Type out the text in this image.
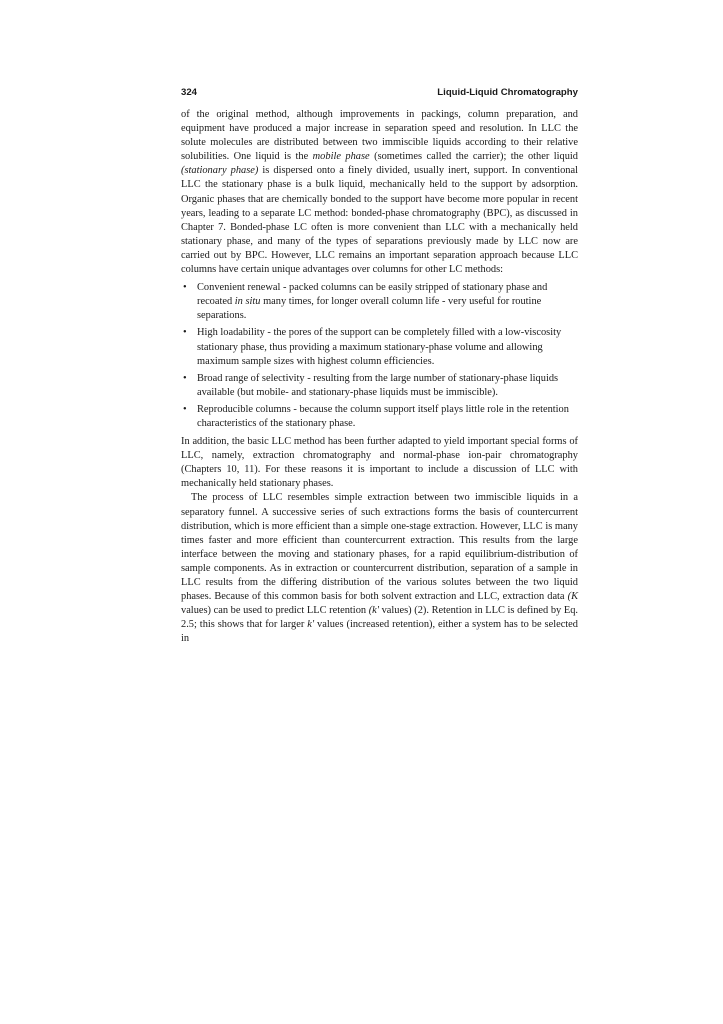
324	Liquid-Liquid Chromatography

of the original method, although improvements in packings, column preparation, and equipment have produced a major increase in separation speed and resolution. In LLC the solute molecules are distributed between two immiscible liquids according to their relative solubilities. One liquid is the mobile phase (sometimes called the carrier); the other liquid (stationary phase) is dispersed onto a finely divided, usually inert, support. In conventional LLC the stationary phase is a bulk liquid, mechanically held to the support by adsorption. Organic phases that are chemically bonded to the support have become more popular in recent years, leading to a separate LC method: bonded-phase chromatography (BPC), as discussed in Chapter 7. Bonded-phase LC often is more convenient than LLC with a mechanically held stationary phase, and many of the types of separations previously made by LLC now are carried out by BPC. However, LLC remains an important separation approach because LLC columns have certain unique advantages over columns for other LC methods:

• Convenient renewal - packed columns can be easily stripped of stationary phase and recoated in situ many times, for longer overall column life - very useful for routine separations.
• High loadability - the pores of the support can be completely filled with a low-viscosity stationary phase, thus providing a maximum stationary-phase volume and allowing maximum sample sizes with highest column efficiencies.
• Broad range of selectivity - resulting from the large number of stationary-phase liquids available (but mobile- and stationary-phase liquids must be immiscible).
• Reproducible columns - because the column support itself plays little role in the retention characteristics of the stationary phase.

In addition, the basic LLC method has been further adapted to yield important special forms of LLC, namely, extraction chromatography and normal-phase ion-pair chromatography (Chapters 10, 11). For these reasons it is important to include a discussion of LLC with mechanically held stationary phases.

The process of LLC resembles simple extraction between two immiscible liquids in a separatory funnel. A successive series of such extractions forms the basis of countercurrent distribution, which is more efficient than a simple one-stage extraction. However, LLC is many times faster and more efficient than countercurrent extraction. This results from the large interface between the moving and stationary phases, for a rapid equilibrium-distribution of sample components. As in extraction or countercurrent distribution, separation of a sample in LLC results from the differing distribution of the various solutes between the two liquid phases. Because of this common basis for both solvent extraction and LLC, extraction data (K values) can be used to predict LLC retention (k' values) (2). Retention in LLC is defined by Eq. 2.5; this shows that for larger k' values (increased retention), either a system has to be selected in
